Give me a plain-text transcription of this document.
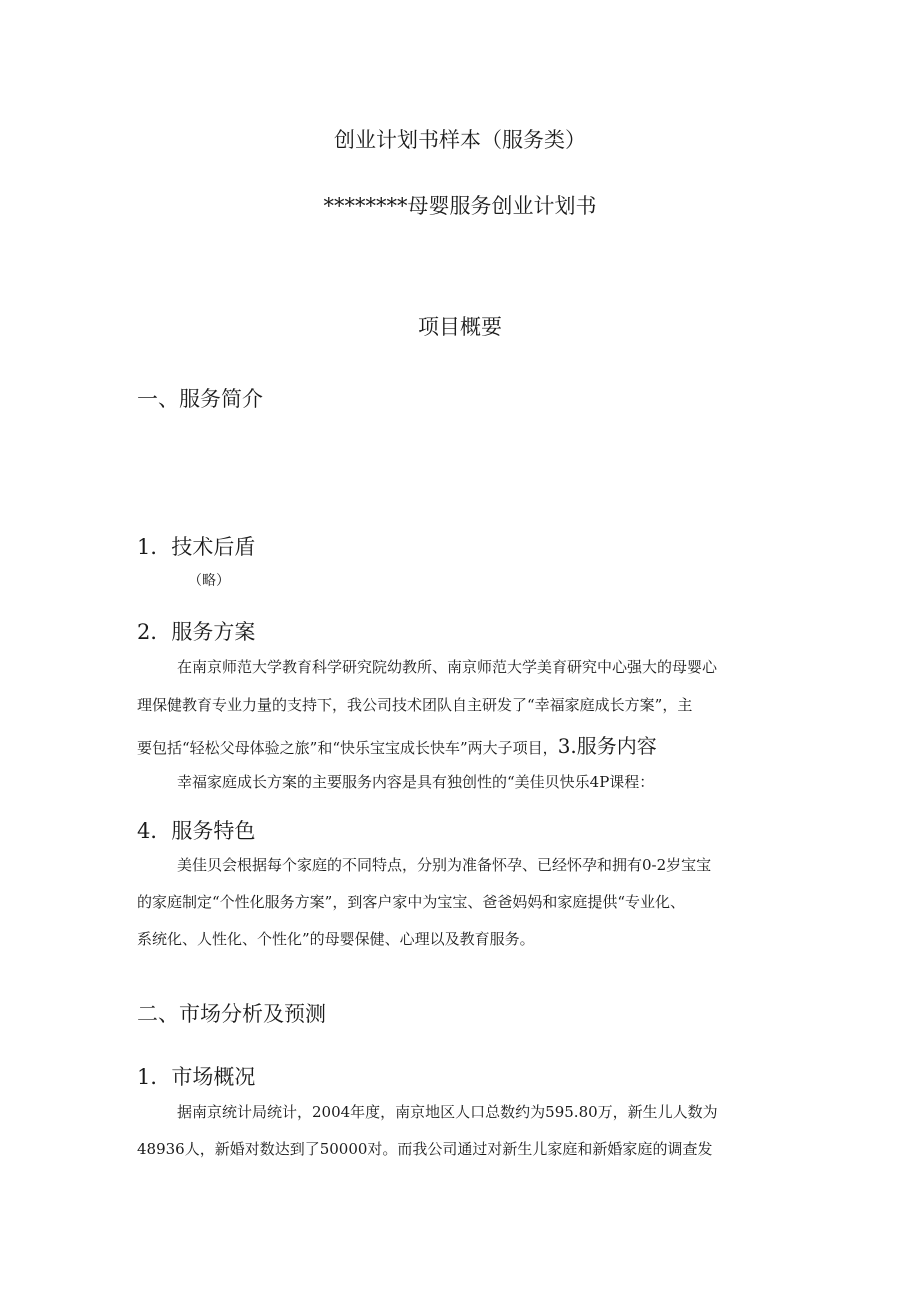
创业计划书样本（服务类）

********母婴服务创业计划书

项目概要

一、服务简介

1．技术后盾

（略）

2．服务方案

在南京师范大学教育科学研究院幼教所、南京师范大学美育研究中心强大的母婴心

理保健教育专业力量的支持下，我公司技术团队自主研发了“幸福家庭成长方案”，主

要包括“轻松父母体验之旅”和“快乐宝宝成长快车”两大子项目，3.服务内容

幸福家庭成长方案的主要服务内容是具有独创性的“美佳贝快乐4P课程：

4．服务特色

美佳贝会根据每个家庭的不同特点，分别为准备怀孕、已经怀孕和拥有0-2岁宝宝

的家庭制定“个性化服务方案”，到客户家中为宝宝、爸爸妈妈和家庭提供“专业化、

系统化、人性化、个性化”的母婴保健、心理以及教育服务。

二、市场分析及预测

1．市场概况

据南京统计局统计，2004年度，南京地区人口总数约为595.80万，新生儿人数为

48936人，新婚对数达到了50000对。而我公司通过对新生儿家庭和新婚家庭的调查发
